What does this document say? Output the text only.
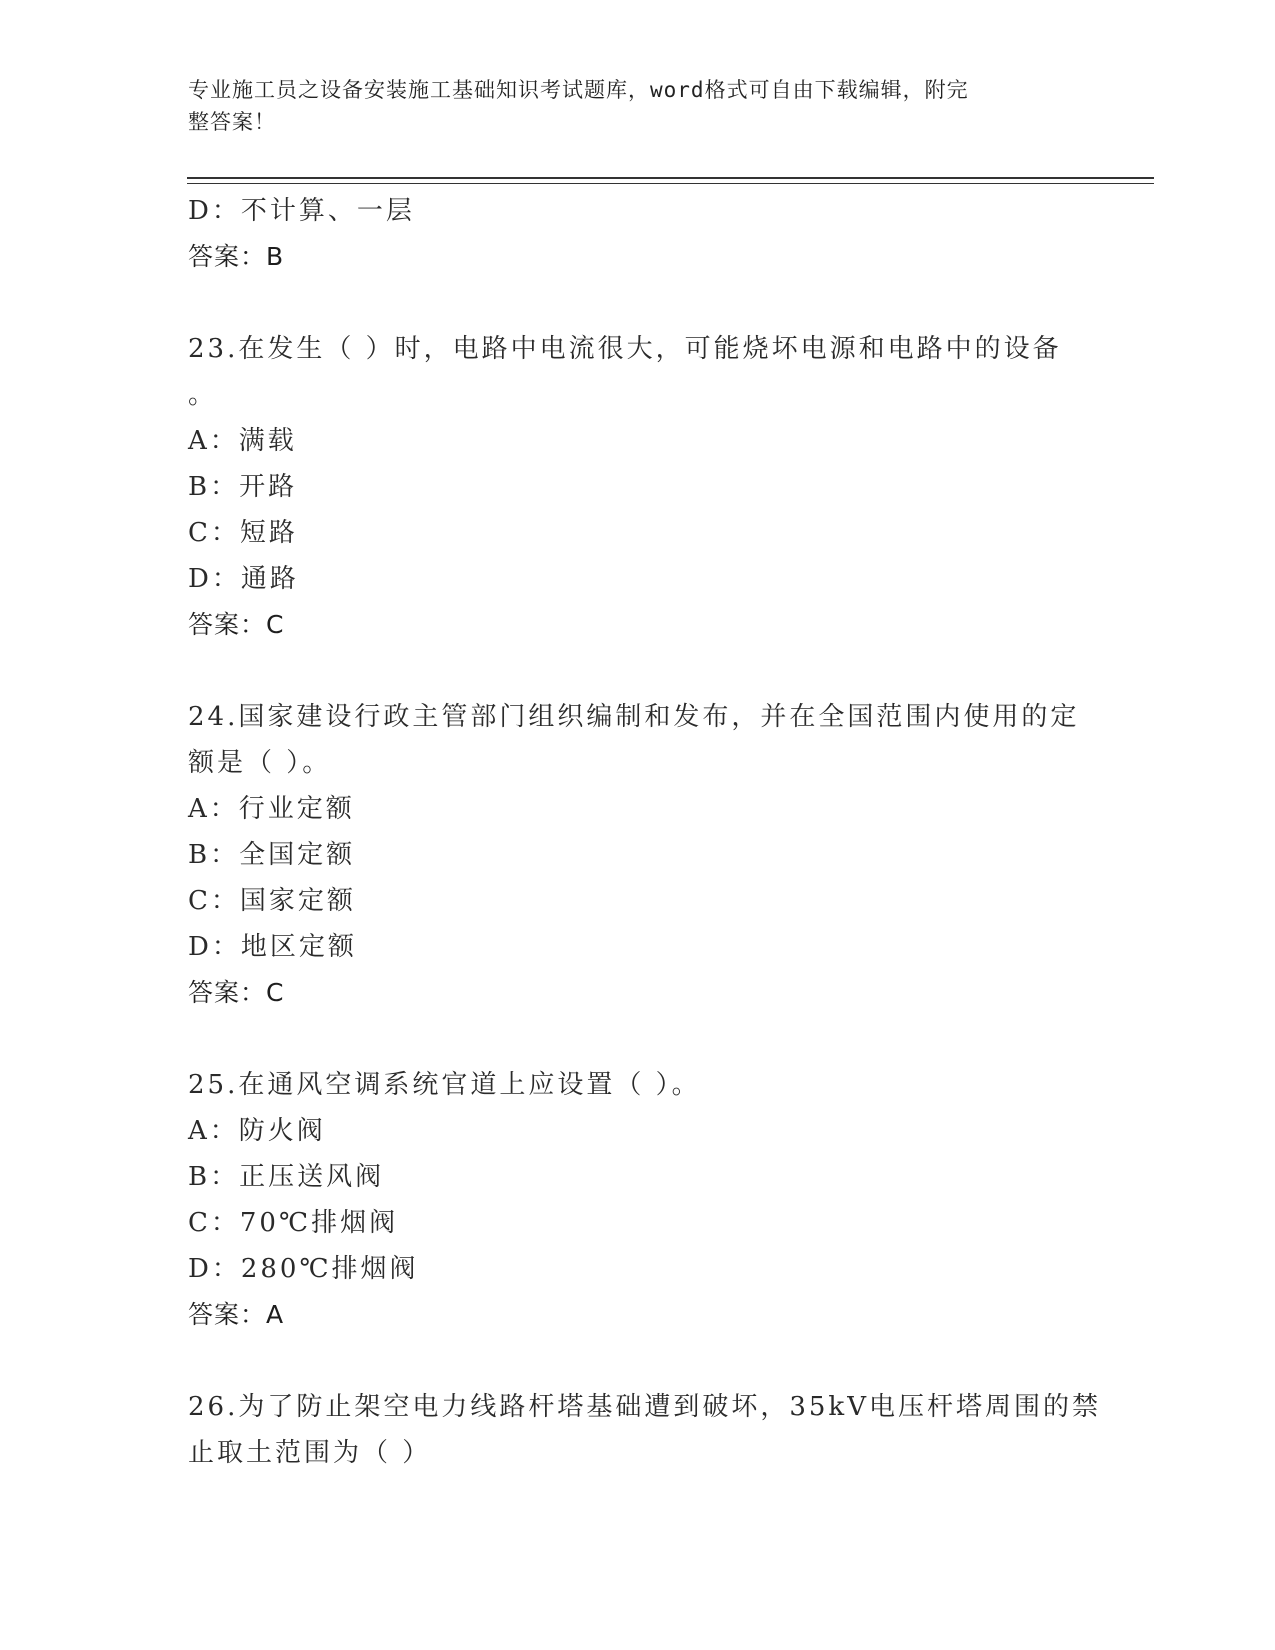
专业施工员之设备安装施工基础知识考试题库，word格式可自由下载编辑，附完
整答案！
D：不计算、一层
答案：B
23.在发生（ ）时，电路中电流很大，可能烧坏电源和电路中的设备
。
A：满载
B：开路
C：短路
D：通路
答案：C
24.国家建设行政主管部门组织编制和发布，并在全国范围内使用的定
额是（ ）。
A：行业定额
B：全国定额
C：国家定额
D：地区定额
答案：C
25.在通风空调系统官道上应设置（ ）。
A：防火阀
B：正压送风阀
C：70℃排烟阀
D：280℃排烟阀
答案：A
26.为了防止架空电力线路杆塔基础遭到破坏，35kV电压杆塔周围的禁
止取土范围为（ ）
